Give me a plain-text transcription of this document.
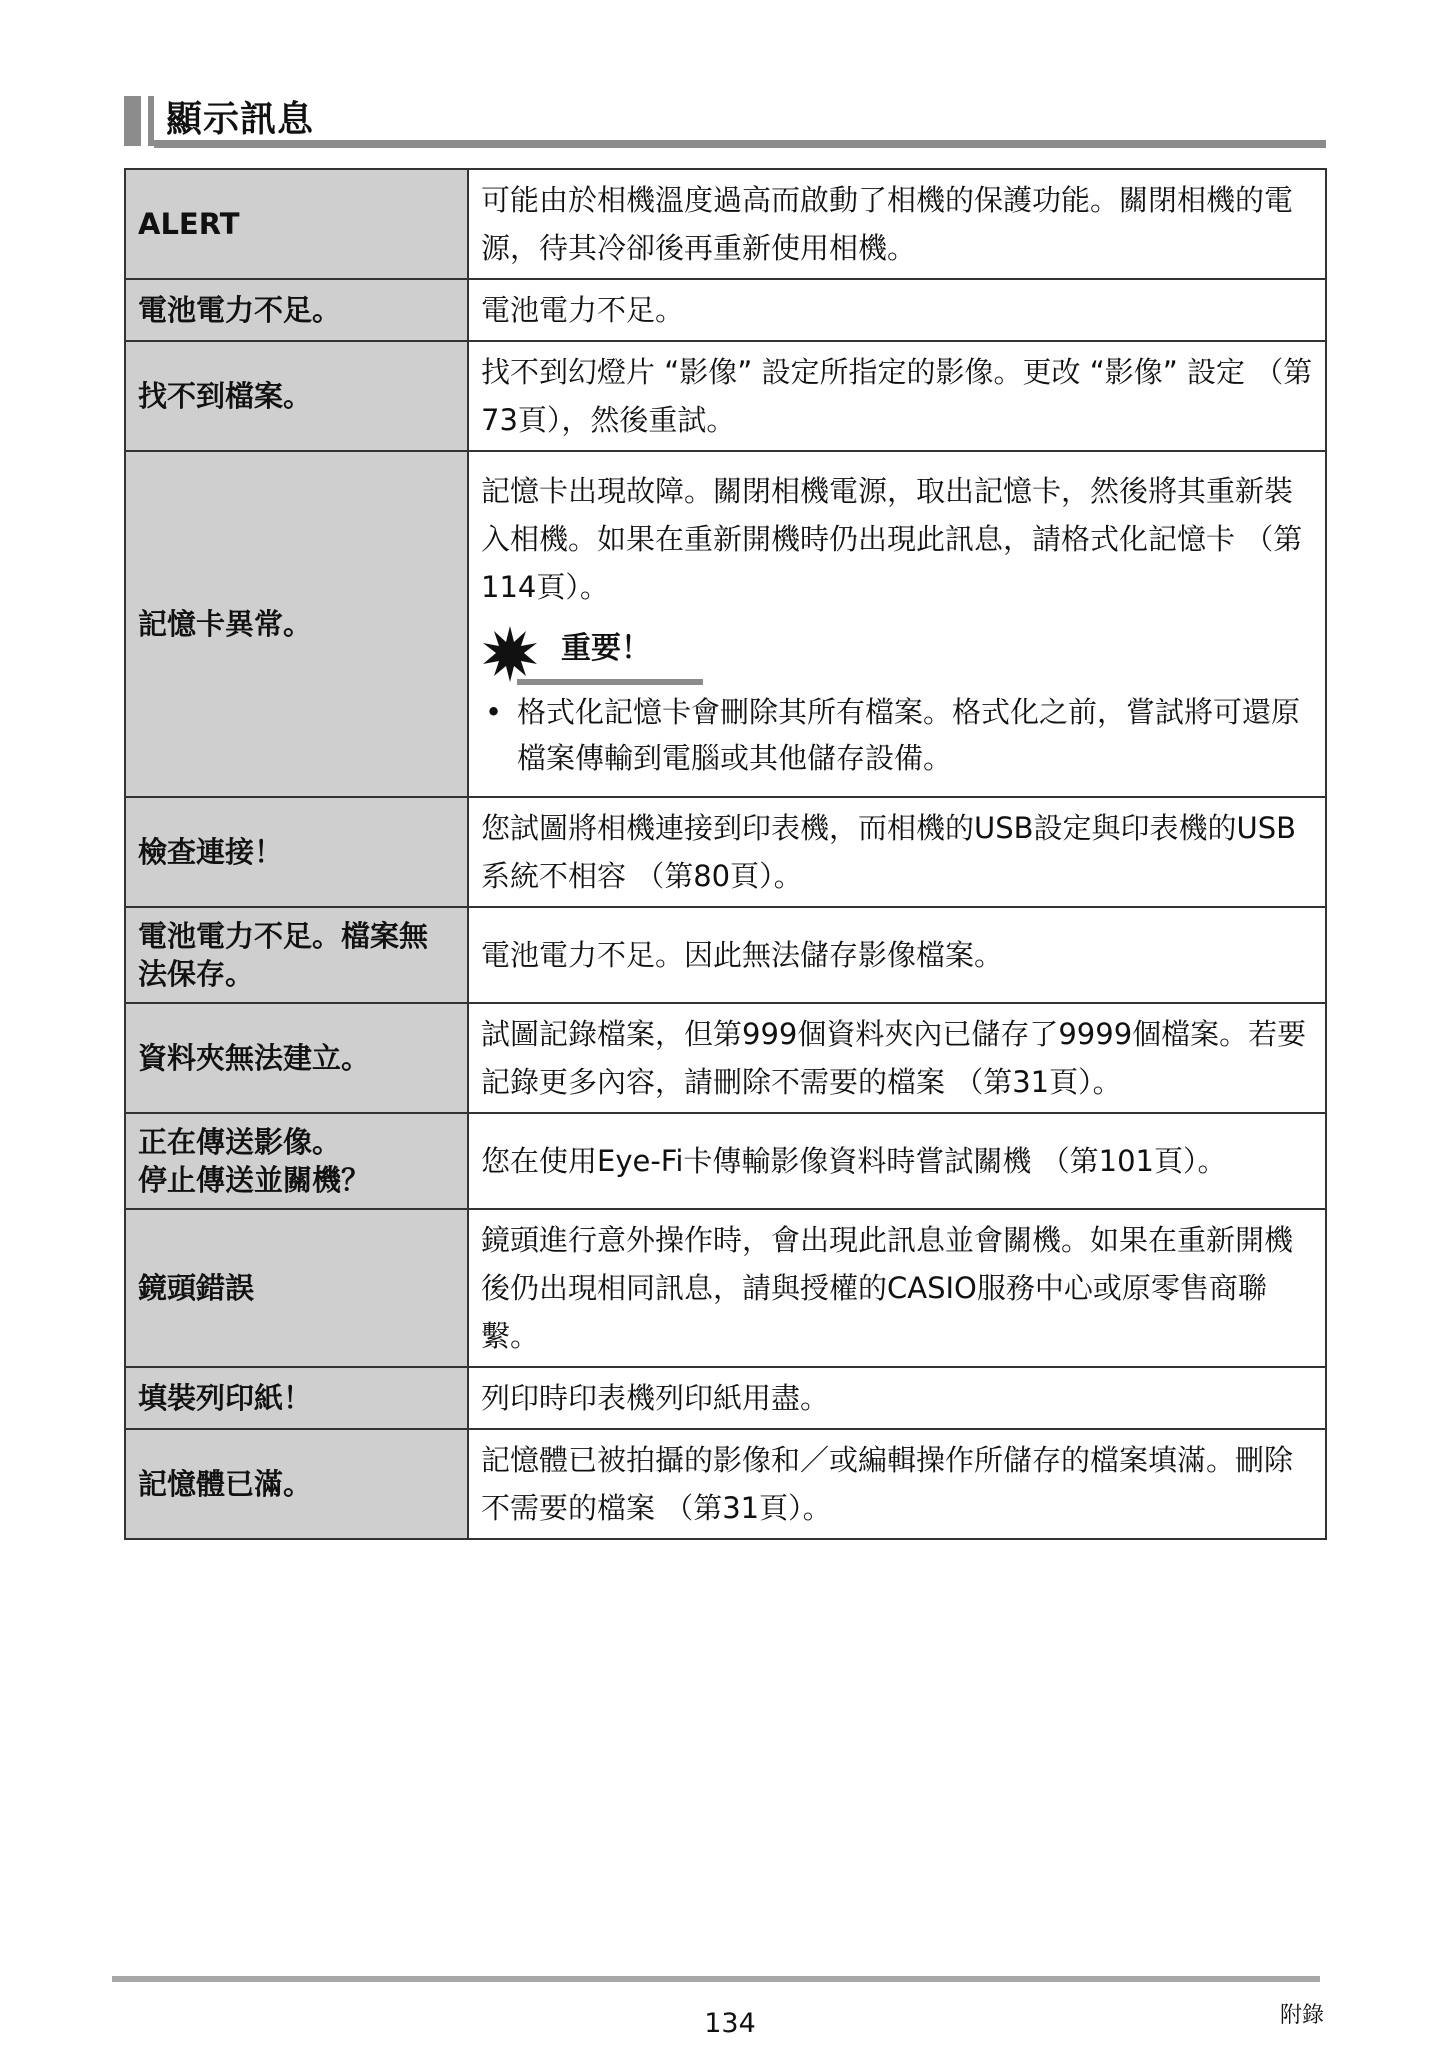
顯示訊息
ALERT	可能由於相機溫度過高而啟動了相機的保護功能。關閉相機的電源，待其冷卻後再重新使用相機。
電池電力不足。	電池電力不足。
找不到檔案。	找不到幻燈片 “影像” 設定所指定的影像。更改 “影像” 設定 （第73頁），然後重試。
記憶卡異常。	記憶卡出現故障。關閉相機電源，取出記憶卡，然後將其重新裝入相機。如果在重新開機時仍出現此訊息，請格式化記憶卡 （第114頁）。
重要！
• 格式化記憶卡會刪除其所有檔案。格式化之前，嘗試將可還原檔案傳輸到電腦或其他儲存設備。

檢查連接！	您試圖將相機連接到印表機，而相機的USB設定與印表機的USB系統不相容 （第80頁）。
電池電力不足。檔案無法保存。	電池電力不足。因此無法儲存影像檔案。
資料夾無法建立。	試圖記錄檔案，但第999個資料夾內已儲存了9999個檔案。若要記錄更多內容，請刪除不需要的檔案 （第31頁）。

正在傳送影像。
停止傳送並關機？	您在使用Eye-Fi卡傳輸影像資料時嘗試關機 （第101頁）。
鏡頭錯誤	鏡頭進行意外操作時，會出現此訊息並會關機。如果在重新開機後仍出現相同訊息，請與授權的CASIO服務中心或原零售商聯繫。
填裝列印紙！	列印時印表機列印紙用盡。
記憶體已滿。	記憶體已被拍攝的影像和／或編輯操作所儲存的檔案填滿。刪除不需要的檔案 （第31頁）。
134	附錄
